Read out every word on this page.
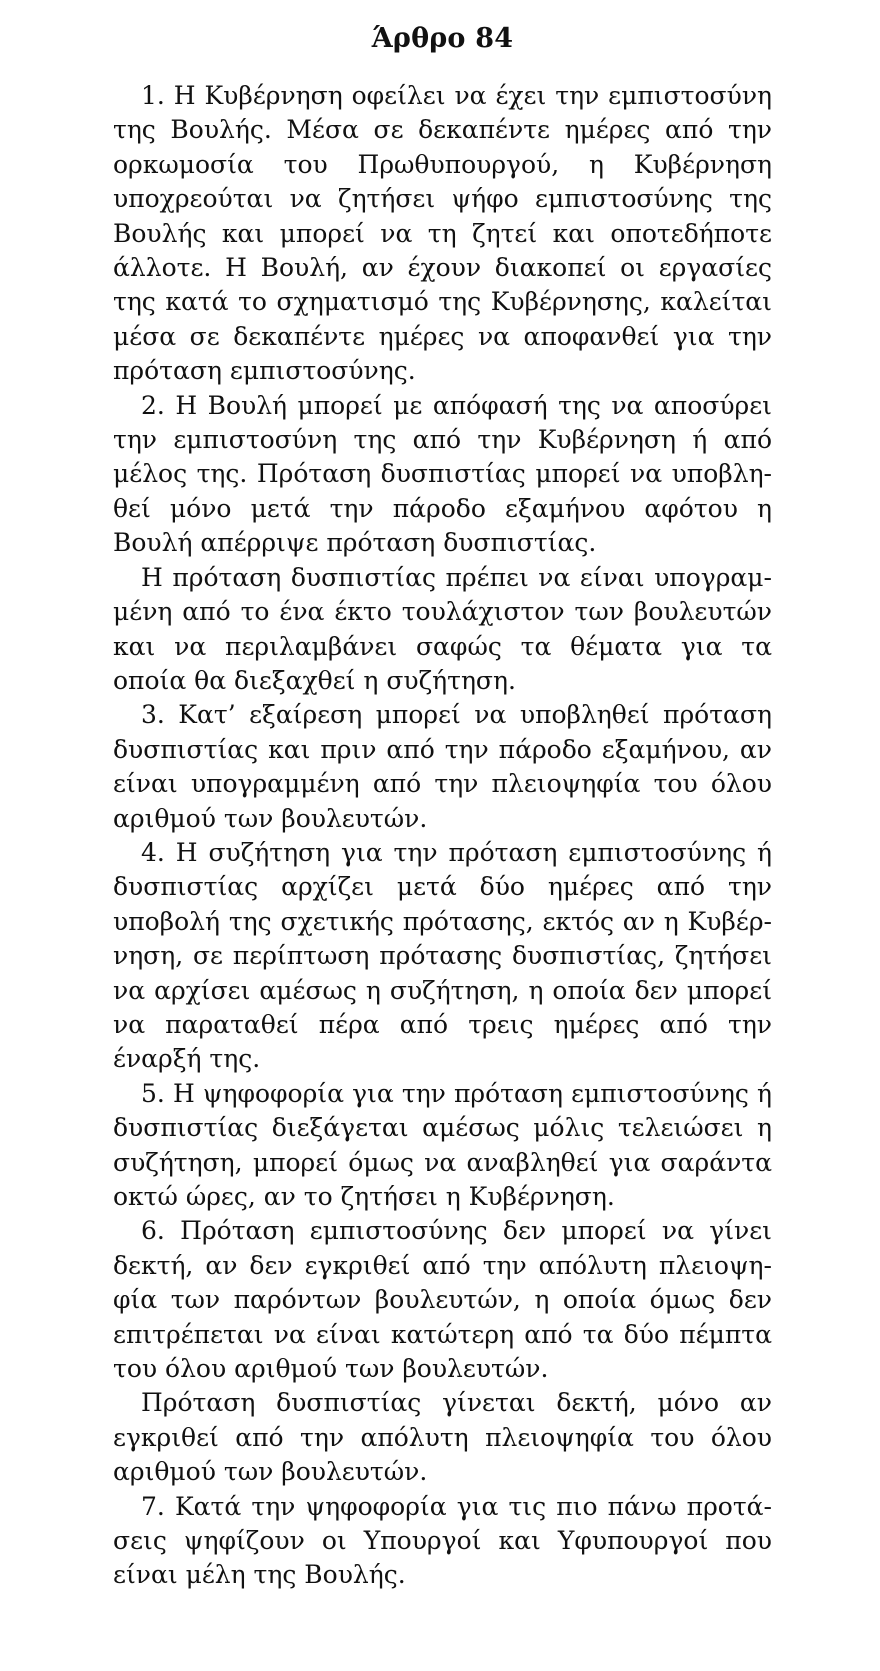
Άρθρο 84

1. Η Κυβέρνηση οφείλει να έχει την εμπιστοσύνη της Βουλής. Μέσα σε δεκαπέντε ημέρες από την ορκωμοσία του Πρωθυπουργού, η Κυβέρνηση υποχρεούται να ζητήσει ψήφο εμπιστοσύνης της Βουλής και μπορεί να τη ζητεί και οποτεδήποτε άλλοτε. Η Βουλή, αν έχουν διακοπεί οι εργασίες της κατά το σχηματισμό της Κυβέρνησης, καλείται μέσα σε δεκαπέντε ημέρες να αποφανθεί για την πρόταση εμπιστοσύνης.

2. Η Βουλή μπορεί με απόφασή της να αποσύρει την εμπιστοσύνη της από την Κυβέρνηση ή από μέλος της. Πρόταση δυσπιστίας μπορεί να υποβληθεί μόνο μετά την πάροδο εξαμήνου αφότου η Βουλή απέρριψε πρόταση δυσπιστίας.

Η πρόταση δυσπιστίας πρέπει να είναι υπογραμμένη από το ένα έκτο τουλάχιστον των βουλευτών και να περιλαμβάνει σαφώς τα θέματα για τα οποία θα διεξαχθεί η συζήτηση.

3. Κατ’ εξαίρεση μπορεί να υποβληθεί πρόταση δυσπιστίας και πριν από την πάροδο εξαμήνου, αν είναι υπογραμμένη από την πλειοψηφία του όλου αριθμού των βουλευτών.

4. Η συζήτηση για την πρόταση εμπιστοσύνης ή δυσπιστίας αρχίζει μετά δύο ημέρες από την υποβολή της σχετικής πρότασης, εκτός αν η Κυβέρνηση, σε περίπτωση πρότασης δυσπιστίας, ζητήσει να αρχίσει αμέσως η συζήτηση, η οποία δεν μπορεί να παραταθεί πέρα από τρεις ημέρες από την έναρξή της.

5. Η ψηφοφορία για την πρόταση εμπιστοσύνης ή δυσπιστίας διεξάγεται αμέσως μόλις τελειώσει η συζήτηση, μπορεί όμως να αναβληθεί για σαράντα οκτώ ώρες, αν το ζητήσει η Κυβέρνηση.

6. Πρόταση εμπιστοσύνης δεν μπορεί να γίνει δεκτή, αν δεν εγκριθεί από την απόλυτη πλειοψηφία των παρόντων βουλευτών, η οποία όμως δεν επιτρέπεται να είναι κατώτερη από τα δύο πέμπτα του όλου αριθμού των βουλευτών.

Πρόταση δυσπιστίας γίνεται δεκτή, μόνο αν εγκριθεί από την απόλυτη πλειοψηφία του όλου αριθμού των βουλευτών.

7. Κατά την ψηφοφορία για τις πιο πάνω προτάσεις ψηφίζουν οι Υπουργοί και Υφυπουργοί που είναι μέλη της Βουλής.
